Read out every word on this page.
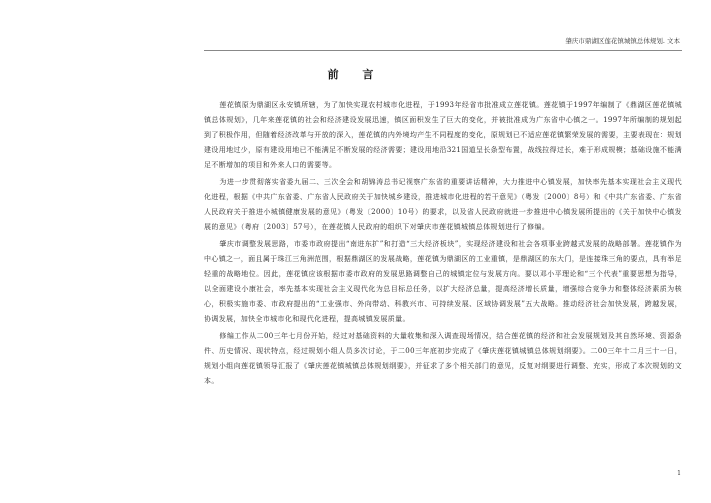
肇庆市鼎湖区莲花镇城镇总体规划. 文本
前 言

莲花镇原为鼎湖区永安镇所辖，为了加快实现农村城市化进程，于1993年经省市批准成立莲花镇。莲花镇于1997年编制了《鼎湖区莲花镇城镇总体规划》，几年来莲花镇的社会和经济建设发展迅速，镇区面积发生了巨大的变化，并被批准成为广东省中心镇之一。1997年所编制的规划起到了积极作用，但随着经济改革与开放的深入，莲花镇的内外境均产生不同程度的变化，原规划已不适应莲花镇繁荣发展的需要，主要表现在：规划建设用地过少，原有建设用地已不能满足不断发展的经济需要；建设用地沿321国道呈长条型布置，战线拉得过长，难于形成规模；基础设施不能满足不断增加的项目和外来人口的需要等。

为进一步贯彻落实省委九届二、三次全会和胡锦涛总书记视察广东省的重要讲话精神，大力推进中心镇发展，加快率先基本实现社会主义现代化进程，根据《中共广东省委、广东省人民政府关于加快城乡建设，推进城市化进程的若干意见》（粤发〔2000〕8号）和《中共广东省委、广东省人民政府关于推进小城镇健康发展的意见》（粤发〔2000〕10号）的要求，以及省人民政府就进一步推进中心镇发展所提出的《关于加快中心镇发展的意见》（粤府〔2003〕57号），在莲花镇人民政府的组织下对肇庆市莲花镇城镇总体规划进行了修编。

肇庆市调整发展思路，市委市政府提出“南进东扩”和打造“三大经济板块”，实现经济建设和社会各项事业跨越式发展的战略部署。莲花镇作为中心镇之一，面且属于珠江三角洲范围，根据鼎湖区的发展战略，莲花镇为鼎湖区的工业重镇，是鼎湖区的东大门，是连接珠三角的要点，具有举足轻重的战略地位。因此，莲花镇应该根据市委市政府的发展思路调整自己的城镇定位与发展方向。要以邓小平理论和“三个代表”重要思想为指导，以全面建设小康社会，率先基本实现社会主义现代化为总目标总任务，以扩大经济总量，提高经济增长质量，增强综合竞争力和整体经济素质为核心，积极实施市委、市政府提出的“工业强市、外向带动、科教兴市、可持续发展、区域协调发展”五大战略。推动经济社会加快发展，跨越发展，协调发展，加快全市城市化和现代化进程，提高城镇发展质量。

修编工作从二00三年七月份开始，经过对基础资料的大量收集和深入调查现场情况，结合莲花镇的经济和社会发展规划及其自然环境、资源条件、历史情况、现状特点，经过规划小组人员多次讨论，于二00三年底初步完成了《肇庆莲花镇城镇总体规划纲要》。二00三年十二月三十一日，规划小组向莲花镇领导汇报了《肇庆莲花镇城镇总体规划纲要》，并征求了多个相关部门的意见，反复对纲要进行调整、充实，形成了本次规划的文本。

1
